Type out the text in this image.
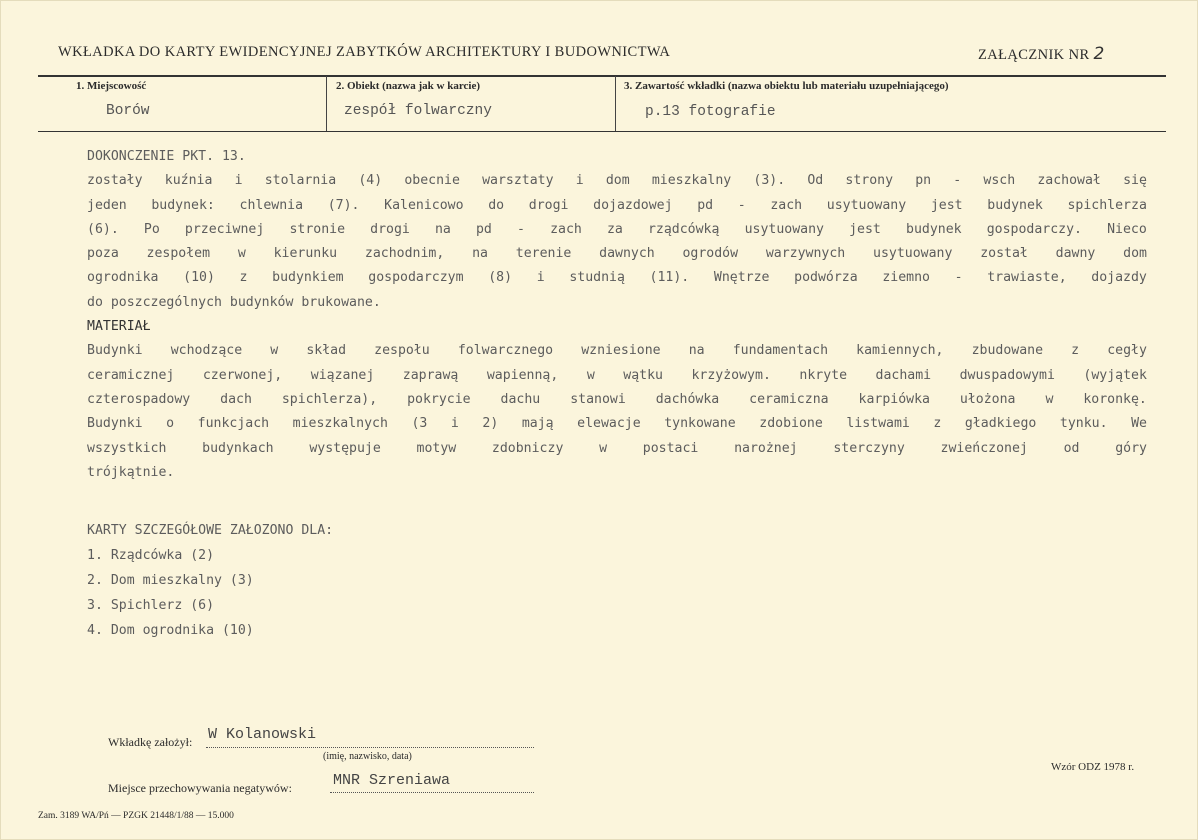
WKŁADKA DO KARTY EWIDENCYJNEJ ZABYTKÓW ARCHITEKTURY I BUDOWNICTWA	ZAŁĄCZNIK NR 2
1. Miejscowość
Borów
2. Obiekt (nazwa jak w karcie)
zespół folwarczny
3. Zawartość wkładki (nazwa obiektu lub materiału uzupełniającego)
p.13 fotografie
DOKONCZENIE PKT. 13.
zostały kuźnia i stolarnia (4) obecnie warsztaty i dom mieszkalny (3). Od strony pn - wsch zachował się
jeden budynek: chlewnia (7). Kalenicowo do drogi dojazdowej pd - zach usytuowany jest budynek spichlerza
(6). Po przeciwnej stronie drogi na pd - zach za rządcówką usytuowany jest budynek gospodarczy. Nieco
poza zespołem w kierunku zachodnim, na terenie dawnych ogrodów warzywnych usytuowany został dawny dom
ogrodnika (10) z budynkiem gospodarczym (8) i studnią (11). Wnętrze podwórza ziemno - trawiaste, dojazdy
do poszczególnych budynków brukowane.
MATERIAŁ
Budynki wchodzące w skład zespołu folwarcznego wzniesione na fundamentach kamiennych, zbudowane z cegły
ceramicznej czerwonej, wiązanej zaprawą wapienną, w wątku krzyżowym. nkryte dachami dwuspadowymi (wyjątek
czterospadowy dach spichlerza), pokrycie dachu stanowi dachówka ceramiczna karpiówka ułożona w koronkę.
Budynki o funkcjach mieszkalnych (3 i 2) mają elewacje tynkowane zdobione listwami z gładkiego tynku. We
wszystkich	budynkach	występuje	motyw	zdobniczy	w	postaci	narożnej	sterczyny	zwieńczonej	od	góry
trójkątnie.
KARTY SZCZEGÓŁOWE ZAŁOZONO DLA:
1. Rządcówka (2)
2. Dom mieszkalny (3)
3. Spichlerz (6)
4. Dom ogrodnika (10)
Wkładkę założył: W Kolanowski
(imię, nazwisko, data)
Miejsce przechowywania negatywów:	MNR Szreniawa
Wzór ODZ 1978 r.
Zam. 3189 WA/Pń — PZGK 21448/1/88 — 15.000
